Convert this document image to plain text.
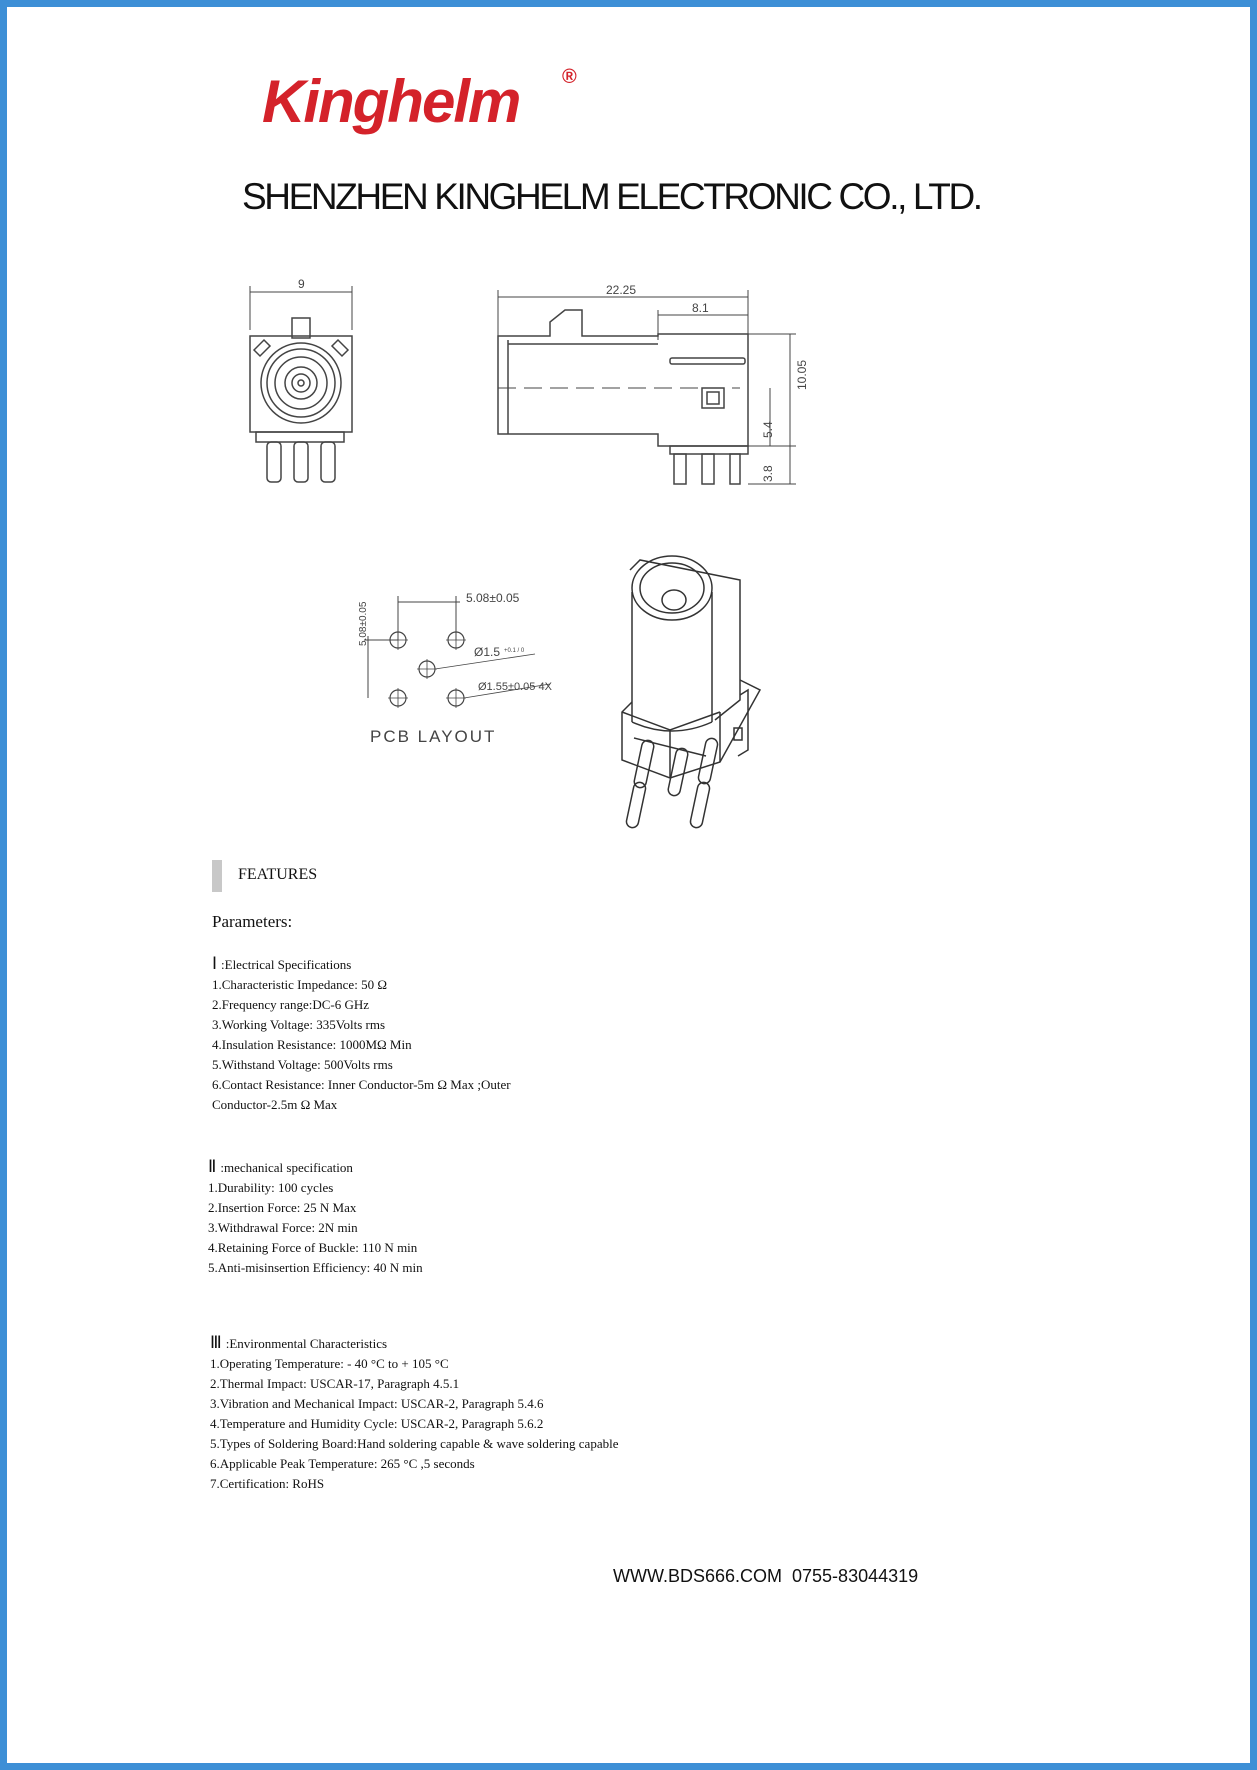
Kinghelm ®
SHENZHEN KINGHELM ELECTRONIC CO., LTD.
9	22.25
8.1
10.05
5.4
3.8
5.08±0.05
5.08±0.05
Ø1.5 +0.1 / 0
Ø1.55±0.05 4X
PCB LAYOUT
FEATURES
Parameters:
Ⅰ :Electrical Specifications
1.Characteristic Impedance: 50 Ω
2.Frequency range:DC-6 GHz
3.Working Voltage: 335Volts rms
4.Insulation Resistance: 1000MΩ Min
5.Withstand Voltage: 500Volts rms
6.Contact Resistance: Inner Conductor-5m Ω Max ;Outer
Conductor-2.5m Ω Max
Ⅱ :mechanical specification
1.Durability: 100 cycles
2.Insertion Force: 25 N Max
3.Withdrawal Force: 2N min
4.Retaining Force of Buckle: 110 N min
5.Anti-misinsertion Efficiency: 40 N min
Ⅲ :Environmental Characteristics
1.Operating Temperature: - 40 °C to + 105 °C
2.Thermal Impact: USCAR-17, Paragraph 4.5.1
3.Vibration and Mechanical Impact: USCAR-2, Paragraph 5.4.6
4.Temperature and Humidity Cycle: USCAR-2, Paragraph 5.6.2
5.Types of Soldering Board:Hand soldering capable & wave soldering capable
6.Applicable Peak Temperature: 265 °C ,5 seconds
7.Certification: RoHS
WWW.BDS666.COM  0755-83044319
